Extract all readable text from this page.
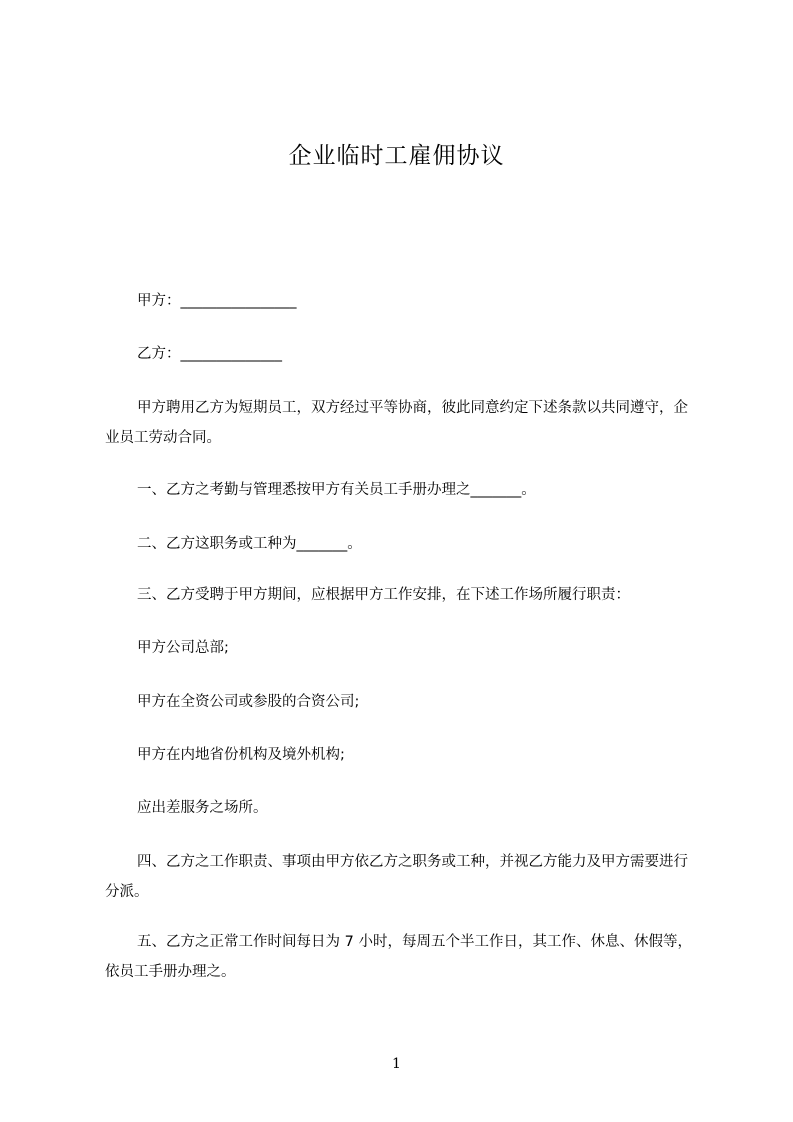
企业临时工雇佣协议
甲方：________________
乙方：______________
甲方聘用乙方为短期员工，双方经过平等协商，彼此同意约定下述条款以共同遵守，企业员工劳动合同。
一、乙方之考勤与管理悉按甲方有关员工手册办理之_______。
二、乙方这职务或工种为_______。
三、乙方受聘于甲方期间，应根据甲方工作安排，在下述工作场所履行职责：
甲方公司总部;
甲方在全资公司或参股的合资公司;
甲方在内地省份机构及境外机构;
应出差服务之场所。
四、乙方之工作职责、事项由甲方依乙方之职务或工种，并视乙方能力及甲方需要进行分派。
五、乙方之正常工作时间每日为 7 小时，每周五个半工作日，其工作、休息、休假等，依员工手册办理之。
1
